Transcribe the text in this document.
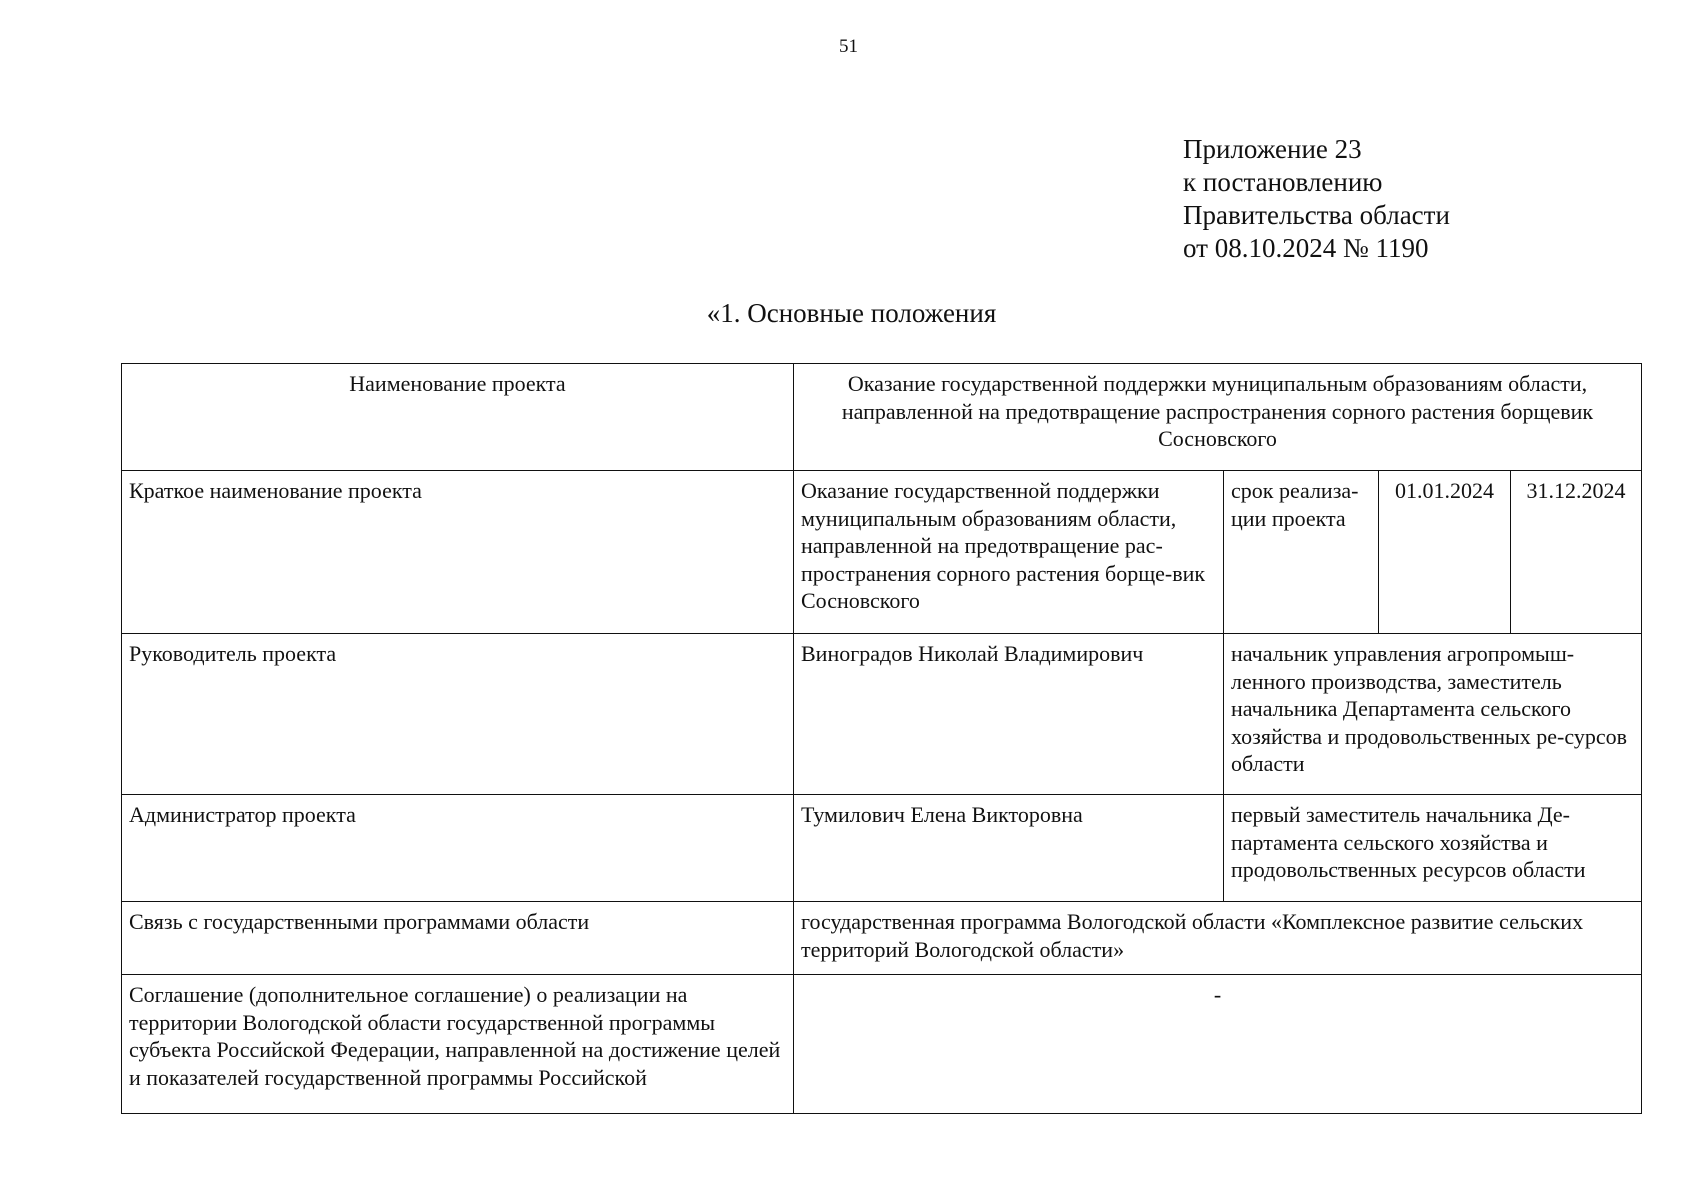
51
Приложение 23
к постановлению
Правительства области
от 08.10.2024 № 1190
«1. Основные положения
Наименование проекта	Оказание государственной поддержки муниципальным образованиям области, направленной на предотвращение распространения сорного растения борщевик Сосновского			
Краткое наименование проекта	Оказание государственной поддержки муниципальным образованиям области, направленной на предотвращение рас-пространения сорного растения борще-вик Сосновского	срок реализа-ции проекта	01.01.2024	31.12.2024
Руководитель проекта	Виноградов Николай Владимирович	начальник управления агропромыш-ленного производства, заместитель начальника Департамента сельского хозяйства и продовольственных ре-сурсов области		
Администратор проекта	Тумилович Елена Викторовна	первый заместитель начальника Де-партамента сельского хозяйства и продовольственных ресурсов области		
Связь с государственными программами области	государственная программа Вологодской области «Комплексное развитие сельских территорий Вологодской области»			
Соглашение (дополнительное соглашение) о реализации на территории Вологодской области государственной программы субъекта Российской Федерации, направленной на достижение целей и показателей государственной программы Российской	-			
